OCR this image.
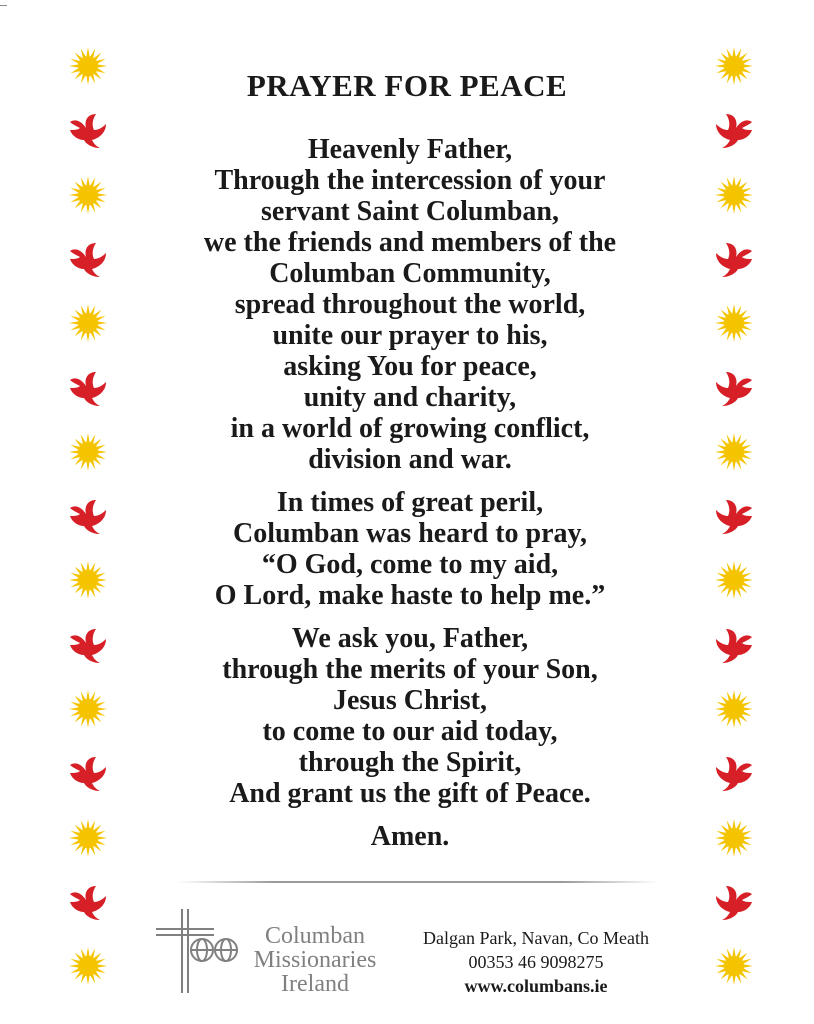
PRAYER FOR PEACE

Heavenly Father,
Through the intercession of your
servant Saint Columban,
we the friends and members of the
Columban Community,
spread throughout the world,
unite our prayer to his,
asking You for peace,
unity and charity,
in a world of growing conflict,
division and war.

In times of great peril,
Columban was heard to pray,
“O God, come to my aid,
O Lord, make haste to help me.”

We ask you, Father,
through the merits of your Son,
Jesus Christ,
to come to our aid today,
through the Spirit,
And grant us the gift of Peace.

Amen.
Columban
Missionaries
Ireland
Dalgan Park, Navan, Co Meath
00353 46 9098275
www.columbans.ie
